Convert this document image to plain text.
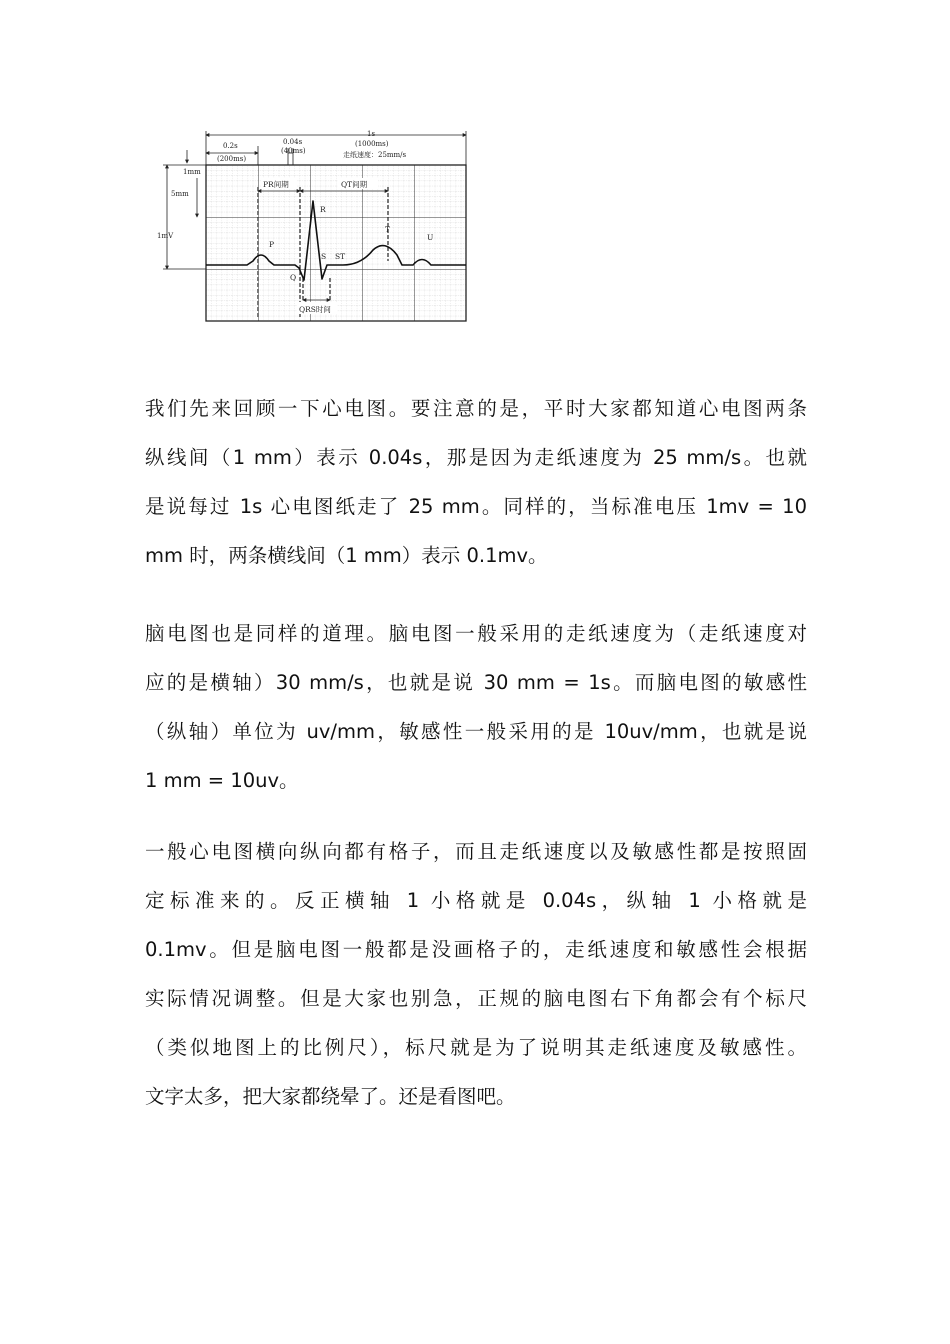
0.2s
(200ms)
0.04s
(40ms)
1s
(1000ms)
走纸速度：25mm/s
1mm
5mm
1mV
PR间期	QT间期
QRS时间
P
Q
R
S ST
T
U
我们先来回顾一下心电图。要注意的是，平时大家都知道心电图两条
纵线间（1 mm）表示 0.04s，那是因为走纸速度为 25 mm/s。也就
是说每过 1s 心电图纸走了 25 mm。同样的，当标准电压 1mv = 10
mm 时，两条横线间（1 mm）表示 0.1mv。
脑电图也是同样的道理。脑电图一般采用的走纸速度为（走纸速度对
应的是横轴）30 mm/s，也就是说 30 mm = 1s。而脑电图的敏感性
（纵轴）单位为 uv/mm，敏感性一般采用的是 10uv/mm，也就是说
1 mm = 10uv。
一般心电图横向纵向都有格子，而且走纸速度以及敏感性都是按照固
定标准来的。反正横轴 1 小格就是 0.04s，纵轴 1 小格就是
0.1mv。但是脑电图一般都是没画格子的，走纸速度和敏感性会根据
实际情况调整。但是大家也别急，正规的脑电图右下角都会有个标尺
（类似地图上的比例尺），标尺就是为了说明其走纸速度及敏感性。
文字太多，把大家都绕晕了。还是看图吧。
